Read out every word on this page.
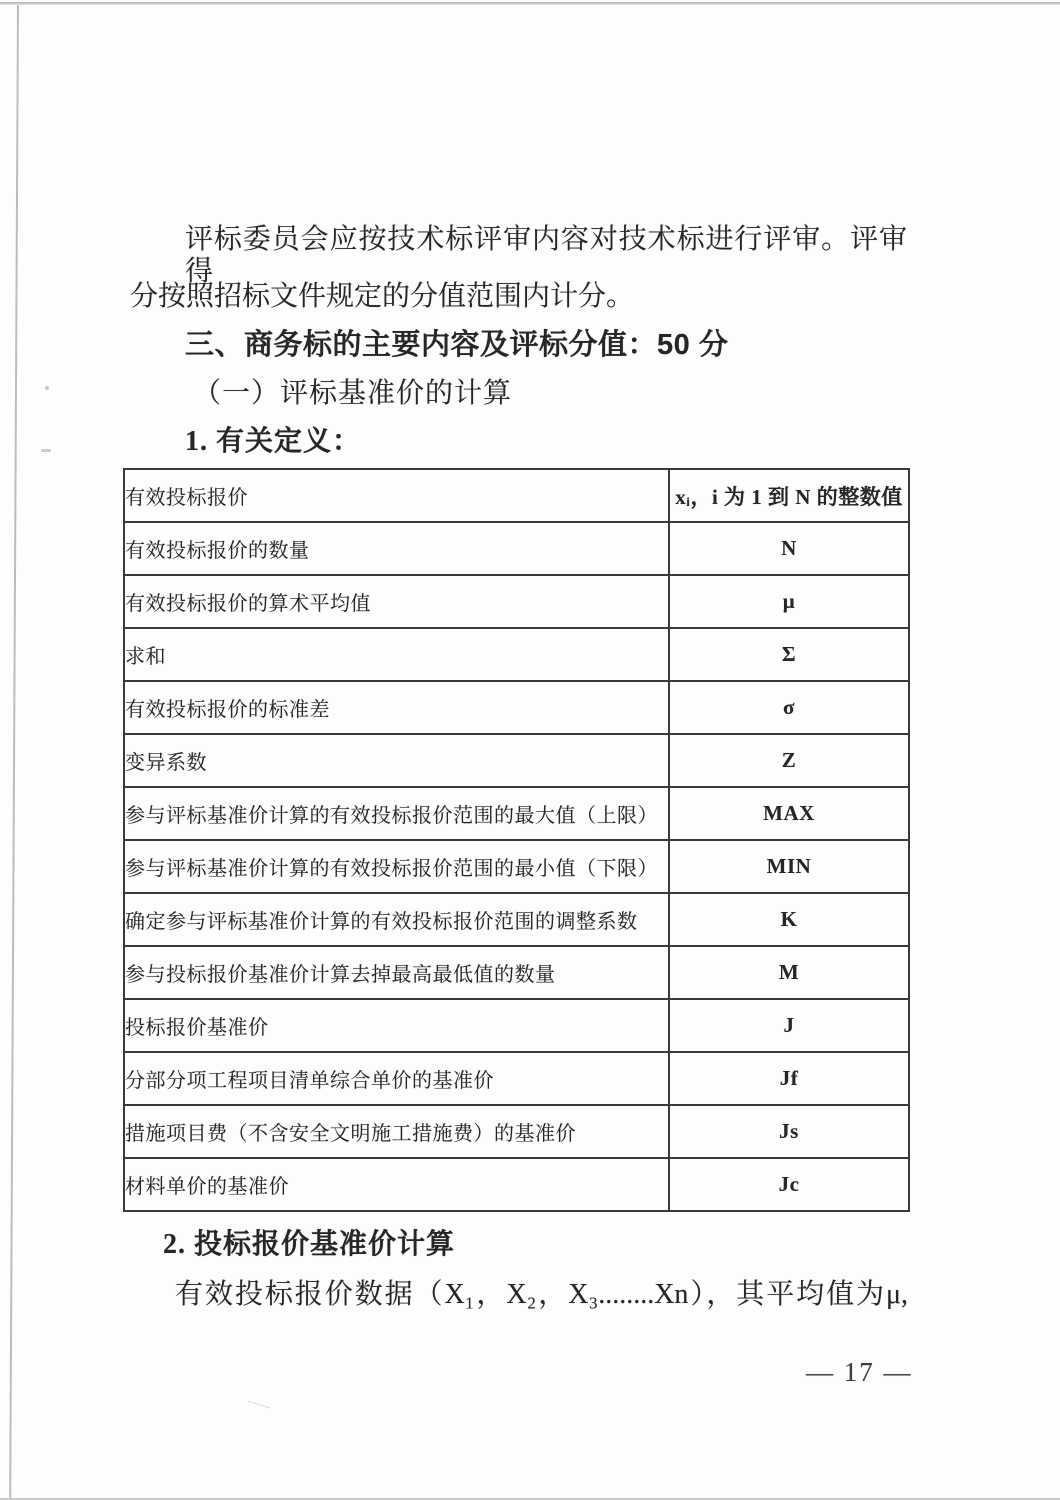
评标委员会应按技术标评审内容对技术标进行评审。评审得
分按照招标文件规定的分值范围内计分。
三、商务标的主要内容及评标分值：50 分
（一）评标基准价的计算
1. 有关定义：
有效投标报价	xᵢ，i 为 1 到 N 的整数值
有效投标报价的数量	N
有效投标报价的算术平均值	μ
求和	Σ
有效投标报价的标准差	σ
变异系数	Z
参与评标基准价计算的有效投标报价范围的最大值（上限）	MAX
参与评标基准价计算的有效投标报价范围的最小值（下限）	MIN
确定参与评标基准价计算的有效投标报价范围的调整系数	K
参与投标报价基准价计算去掉最高最低值的数量	M
投标报价基准价	J
分部分项工程项目清单综合单价的基准价	Jf
措施项目费（不含安全文明施工措施费）的基准价	Js
材料单价的基准价	Jc
2. 投标报价基准价计算
有效投标报价数据（X₁，X₂，X₃........Xn），其平均值为μ,
— 17 —
